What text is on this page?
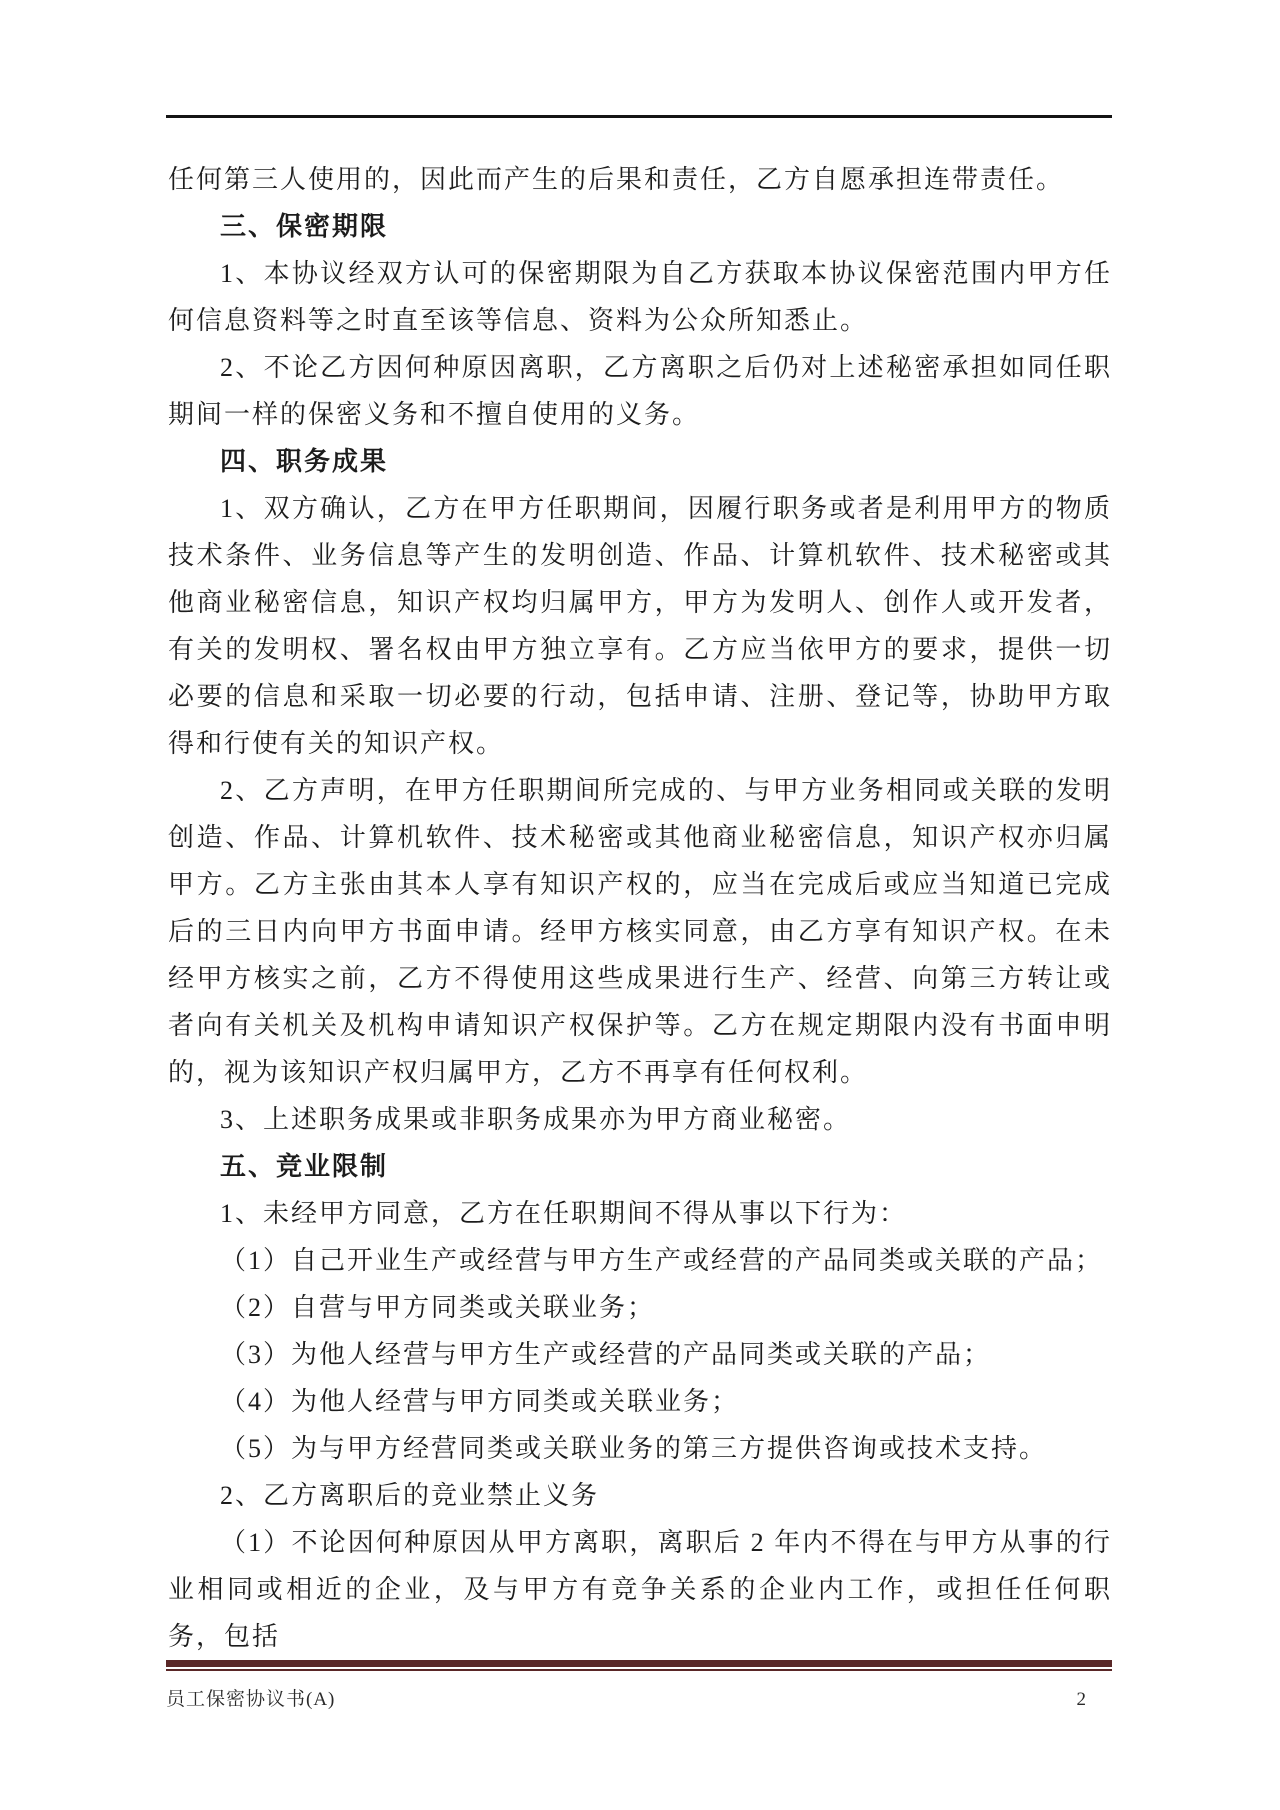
任何第三人使用的，因此而产生的后果和责任，乙方自愿承担连带责任。

三、保密期限

1、本协议经双方认可的保密期限为自乙方获取本协议保密范围内甲方任何信息资料等之时直至该等信息、资料为公众所知悉止。

2、不论乙方因何种原因离职，乙方离职之后仍对上述秘密承担如同任职期间一样的保密义务和不擅自使用的义务。

四、职务成果

1、双方确认，乙方在甲方任职期间，因履行职务或者是利用甲方的物质技术条件、业务信息等产生的发明创造、作品、计算机软件、技术秘密或其他商业秘密信息，知识产权均归属甲方，甲方为发明人、创作人或开发者，有关的发明权、署名权由甲方独立享有。乙方应当依甲方的要求，提供一切必要的信息和采取一切必要的行动，包括申请、注册、登记等，协助甲方取得和行使有关的知识产权。

2、乙方声明，在甲方任职期间所完成的、与甲方业务相同或关联的发明创造、作品、计算机软件、技术秘密或其他商业秘密信息，知识产权亦归属甲方。乙方主张由其本人享有知识产权的，应当在完成后或应当知道已完成后的三日内向甲方书面申请。经甲方核实同意，由乙方享有知识产权。在未经甲方核实之前，乙方不得使用这些成果进行生产、经营、向第三方转让或者向有关机关及机构申请知识产权保护等。乙方在规定期限内没有书面申明的，视为该知识产权归属甲方，乙方不再享有任何权利。

3、上述职务成果或非职务成果亦为甲方商业秘密。

五、竞业限制

1、未经甲方同意，乙方在任职期间不得从事以下行为：

（1）自己开业生产或经营与甲方生产或经营的产品同类或关联的产品；

（2）自营与甲方同类或关联业务；

（3）为他人经营与甲方生产或经营的产品同类或关联的产品；

（4）为他人经营与甲方同类或关联业务；

（5）为与甲方经营同类或关联业务的第三方提供咨询或技术支持。

2、乙方离职后的竞业禁止义务

（1）不论因何种原因从甲方离职，离职后 2 年内不得在与甲方从事的行业相同或相近的企业，及与甲方有竞争关系的企业内工作，或担任任何职务，包括

员工保密协议书(A)	2
